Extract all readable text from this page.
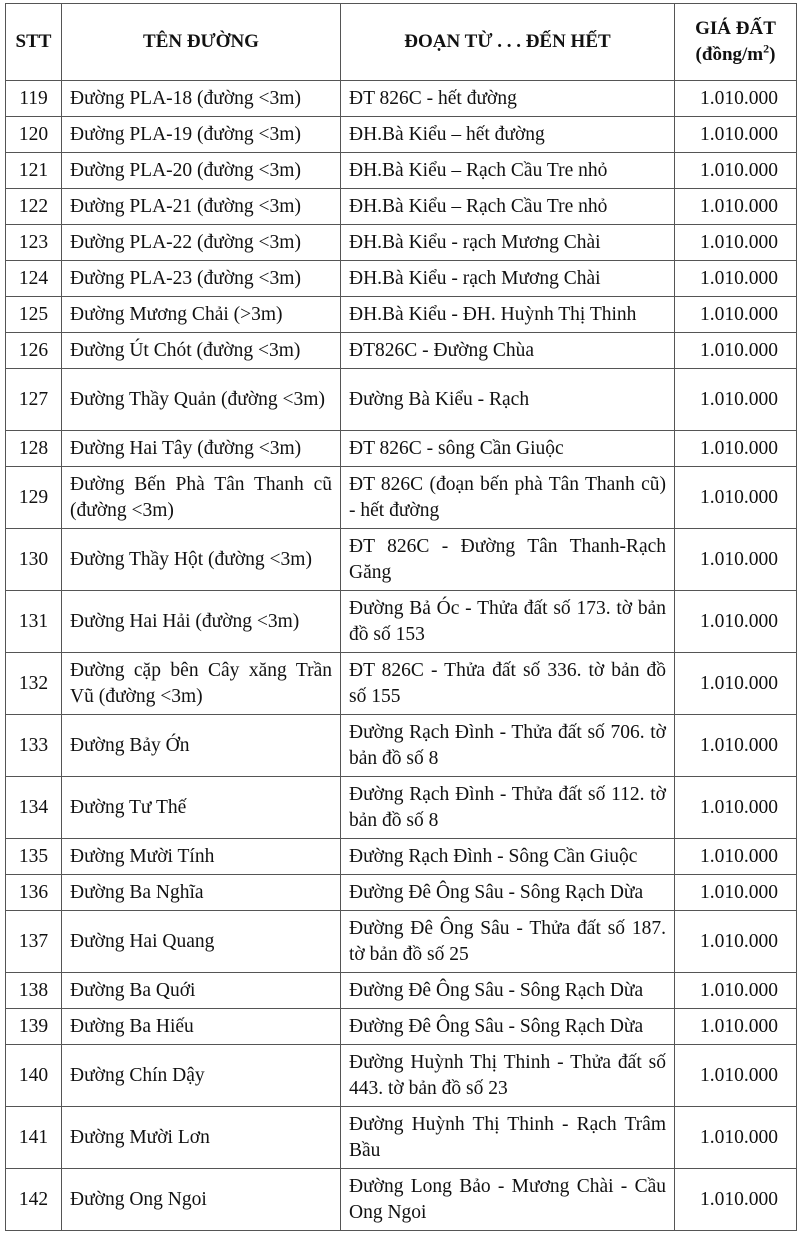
STT	TÊN ĐƯỜNG	ĐOẠN TỪ . . . ĐẾN HẾT	GIÁ ĐẤT
$(đồng/m^2)$
119	Đường PLA-18 (đường <3m)	ĐT 826C - hết đường	1.010.000
120	Đường PLA-19 (đường <3m)	ĐH.Bà Kiểu – hết đường	1.010.000
121	Đường PLA-20 (đường <3m)	ĐH.Bà Kiểu – Rạch Cầu Tre nhỏ	1.010.000
122	Đường PLA-21 (đường <3m)	ĐH.Bà Kiểu – Rạch Cầu Tre nhỏ	1.010.000
123	Đường PLA-22 (đường <3m)	ĐH.Bà Kiểu - rạch Mương Chài	1.010.000
124	Đường PLA-23 (đường <3m)	ĐH.Bà Kiểu - rạch Mương Chài	1.010.000
125	Đường Mương Chải (>3m)	ĐH.Bà Kiểu - ĐH. Huỳnh Thị Thinh	1.010.000
126	Đường Út Chót (đường <3m)	ĐT826C - Đường Chùa	1.010.000
127	Đường Thầy Quản (đường <3m)	Đường Bà Kiểu - Rạch	1.010.000
128	Đường Hai Tây (đường <3m)	ĐT 826C - sông Cần Giuộc	1.010.000
129	Đường Bến Phà Tân Thanh cũ (đường <3m)	ĐT 826C (đoạn bến phà Tân Thanh cũ) - hết đường	1.010.000
130	Đường Thầy Hột (đường <3m)	ĐT 826C - Đường Tân Thanh-Rạch Găng	1.010.000
131	Đường Hai Hải (đường <3m)	Đường Bả Óc - Thửa đất số 173. tờ bản đồ số 153	1.010.000
132	Đường cặp bên Cây xăng Trần Vũ (đường <3m)	ĐT 826C - Thửa đất số 336. tờ bản đồ số 155	1.010.000
133	Đường Bảy Ớn	Đường Rạch Đình - Thửa đất số 706. tờ bản đồ số 8	1.010.000
134	Đường Tư Thế	Đường Rạch Đình - Thửa đất số 112. tờ bản đồ số 8	1.010.000
135	Đường Mười Tính	Đường Rạch Đình - Sông Cần Giuộc	1.010.000
136	Đường Ba Nghĩa	Đường Đê Ông Sâu - Sông Rạch Dừa	1.010.000
137	Đường Hai Quang	Đường Đê Ông Sâu - Thửa đất số 187. tờ bản đồ số 25	1.010.000
138	Đường Ba Quới	Đường Đê Ông Sâu - Sông Rạch Dừa	1.010.000
139	Đường Ba Hiếu	Đường Đê Ông Sâu - Sông Rạch Dừa	1.010.000
140	Đường Chín Dậy	Đường Huỳnh Thị Thinh - Thửa đất số 443. tờ bản đồ số 23	1.010.000
141	Đường Mười Lơn	Đường Huỳnh Thị Thinh - Rạch Trâm Bầu	1.010.000
142	Đường Ong Ngoi	Đường Long Bảo - Mương Chài - Cầu Ong Ngoi	1.010.000
